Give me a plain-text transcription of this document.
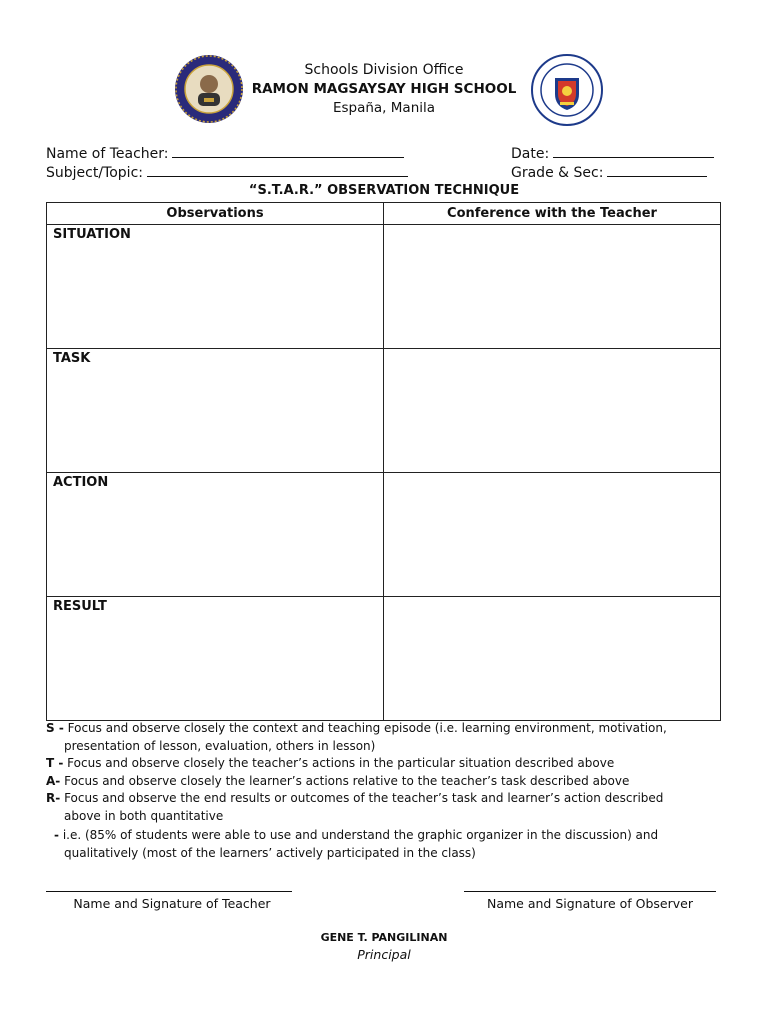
Schools Division Office
RAMON MAGSAYSAY HIGH SCHOOL
España, Manila
Name of Teacher:	Date:
Subject/Topic:	Grade & Sec:
“S.T.A.R.” OBSERVATION TECHNIQUE
Observations	Conference with the Teacher

SITUATION	

TASK	

ACTION	

RESULT	

S - Focus and observe closely the context and teaching episode (i.e. learning environment, motivation,

presentation of lesson, evaluation, others in lesson)

T - Focus and observe closely the teacher’s actions in the particular situation described above

A- Focus and observe closely the learner’s actions relative to the teacher’s task described above

R- Focus and observe the end results or outcomes of the teacher’s task and learner’s action described

above in both quantitative

- i.e. (85% of students were able to use and understand the graphic organizer in the discussion) and

qualitatively (most of the learners’ actively participated in the class)

Name and Signature of Teacher	Name and Signature of Observer
GENE T. PANGILINAN
Principal
